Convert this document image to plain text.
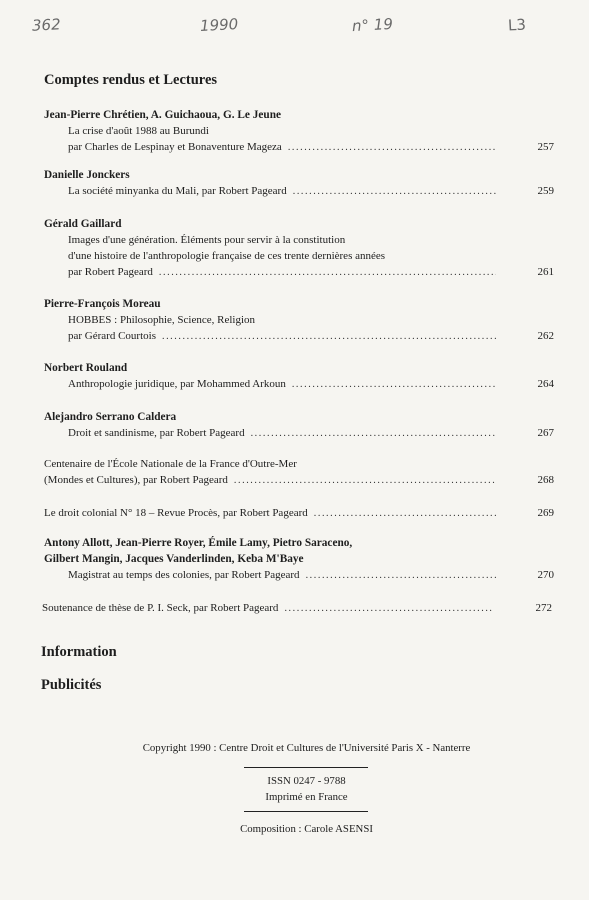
362	1990	n° 19	L3
Comptes rendus et Lectures
Jean-Pierre Chrétien, A. Guichaoua, G. Le Jeune
La crise d'août 1988 au Burundi
par Charles de Lespinay et Bonaventure Mageza .....	257
Danielle Jonckers
La société minyanka du Mali, par Robert Pageard .....	259
Gérald Gaillard
Images d'une génération. Éléments pour servir à la constitution
d'une histoire de l'anthropologie française de ces trente dernières années
par Robert Pageard .....	261
Pierre-François Moreau
HOBBES : Philosophie, Science, Religion
par Gérard Courtois .....	262
Norbert Rouland
Anthropologie juridique, par Mohammed Arkoun .....	264
Alejandro Serrano Caldera
Droit et sandinisme, par Robert Pageard .....	267
Centenaire de l'École Nationale de la France d'Outre-Mer
(Mondes et Cultures), par Robert Pageard .....	268
Le droit colonial N° 18 – Revue Procès, par Robert Pageard .....	269
Antony Allott, Jean-Pierre Royer, Émile Lamy, Pietro Saraceno,
Gilbert Mangin, Jacques Vanderlinden, Keba M'Baye
Magistrat au temps des colonies, par Robert Pageard .....	270
Soutenance de thèse de P. I. Seck, par Robert Pageard .....	272
Information
Publicités
Copyright 1990 : Centre Droit et Cultures de l'Université Paris X - Nanterre
ISSN 0247 - 9788
Imprimé en France
Composition : Carole ASENSI
